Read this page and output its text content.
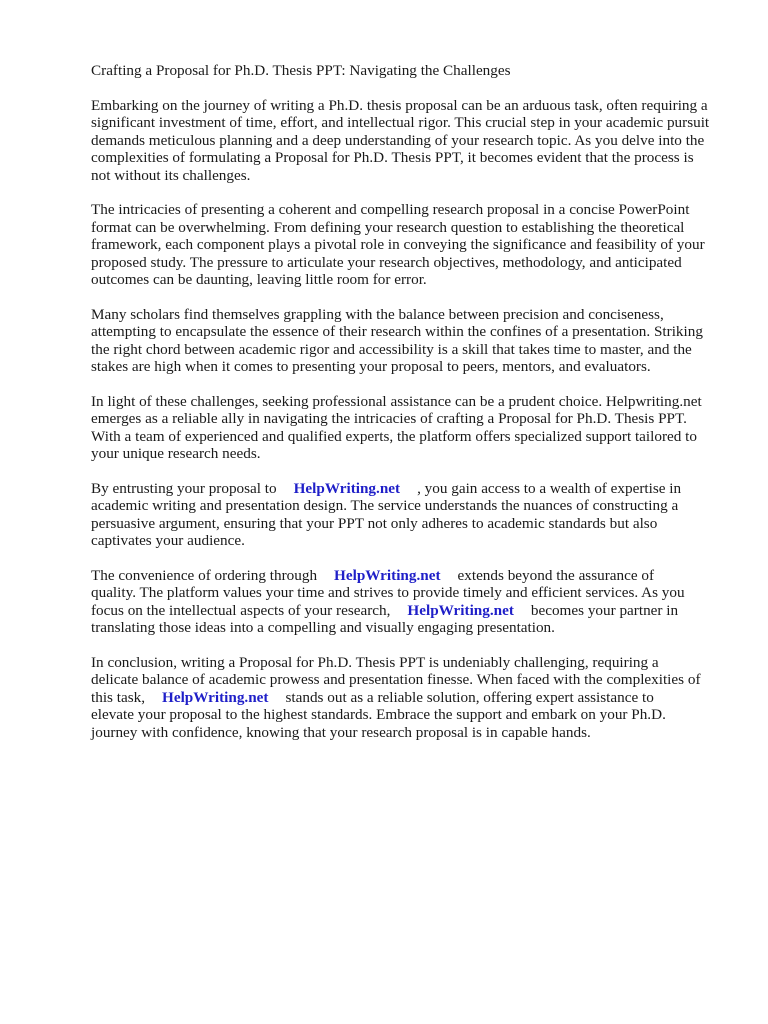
Crafting a Proposal for Ph.D. Thesis PPT: Navigating the Challenges

Embarking on the journey of writing a Ph.D. thesis proposal can be an arduous task, often requiring a
significant investment of time, effort, and intellectual rigor. This crucial step in your academic pursuit
demands meticulous planning and a deep understanding of your research topic. As you delve into the
complexities of formulating a Proposal for Ph.D. Thesis PPT, it becomes evident that the process is
not without its challenges.

The intricacies of presenting a coherent and compelling research proposal in a concise PowerPoint
format can be overwhelming. From defining your research question to establishing the theoretical
framework, each component plays a pivotal role in conveying the significance and feasibility of your
proposed study. The pressure to articulate your research objectives, methodology, and anticipated
outcomes can be daunting, leaving little room for error.

Many scholars find themselves grappling with the balance between precision and conciseness,
attempting to encapsulate the essence of their research within the confines of a presentation. Striking
the right chord between academic rigor and accessibility is a skill that takes time to master, and the
stakes are high when it comes to presenting your proposal to peers, mentors, and evaluators.

In light of these challenges, seeking professional assistance can be a prudent choice. Helpwriting.net
emerges as a reliable ally in navigating the intricacies of crafting a Proposal for Ph.D. Thesis PPT.
With a team of experienced and qualified experts, the platform offers specialized support tailored to
your unique research needs.

By entrusting your proposal to HelpWriting.net , you gain access to a wealth of expertise in
academic writing and presentation design. The service understands the nuances of constructing a
persuasive argument, ensuring that your PPT not only adheres to academic standards but also
captivates your audience.

The convenience of ordering through HelpWriting.net extends beyond the assurance of
quality. The platform values your time and strives to provide timely and efficient services. As you
focus on the intellectual aspects of your research, HelpWriting.net becomes your partner in
translating those ideas into a compelling and visually engaging presentation.

In conclusion, writing a Proposal for Ph.D. Thesis PPT is undeniably challenging, requiring a
delicate balance of academic prowess and presentation finesse. When faced with the complexities of
this task, HelpWriting.net stands out as a reliable solution, offering expert assistance to
elevate your proposal to the highest standards. Embrace the support and embark on your Ph.D.
journey with confidence, knowing that your research proposal is in capable hands.
